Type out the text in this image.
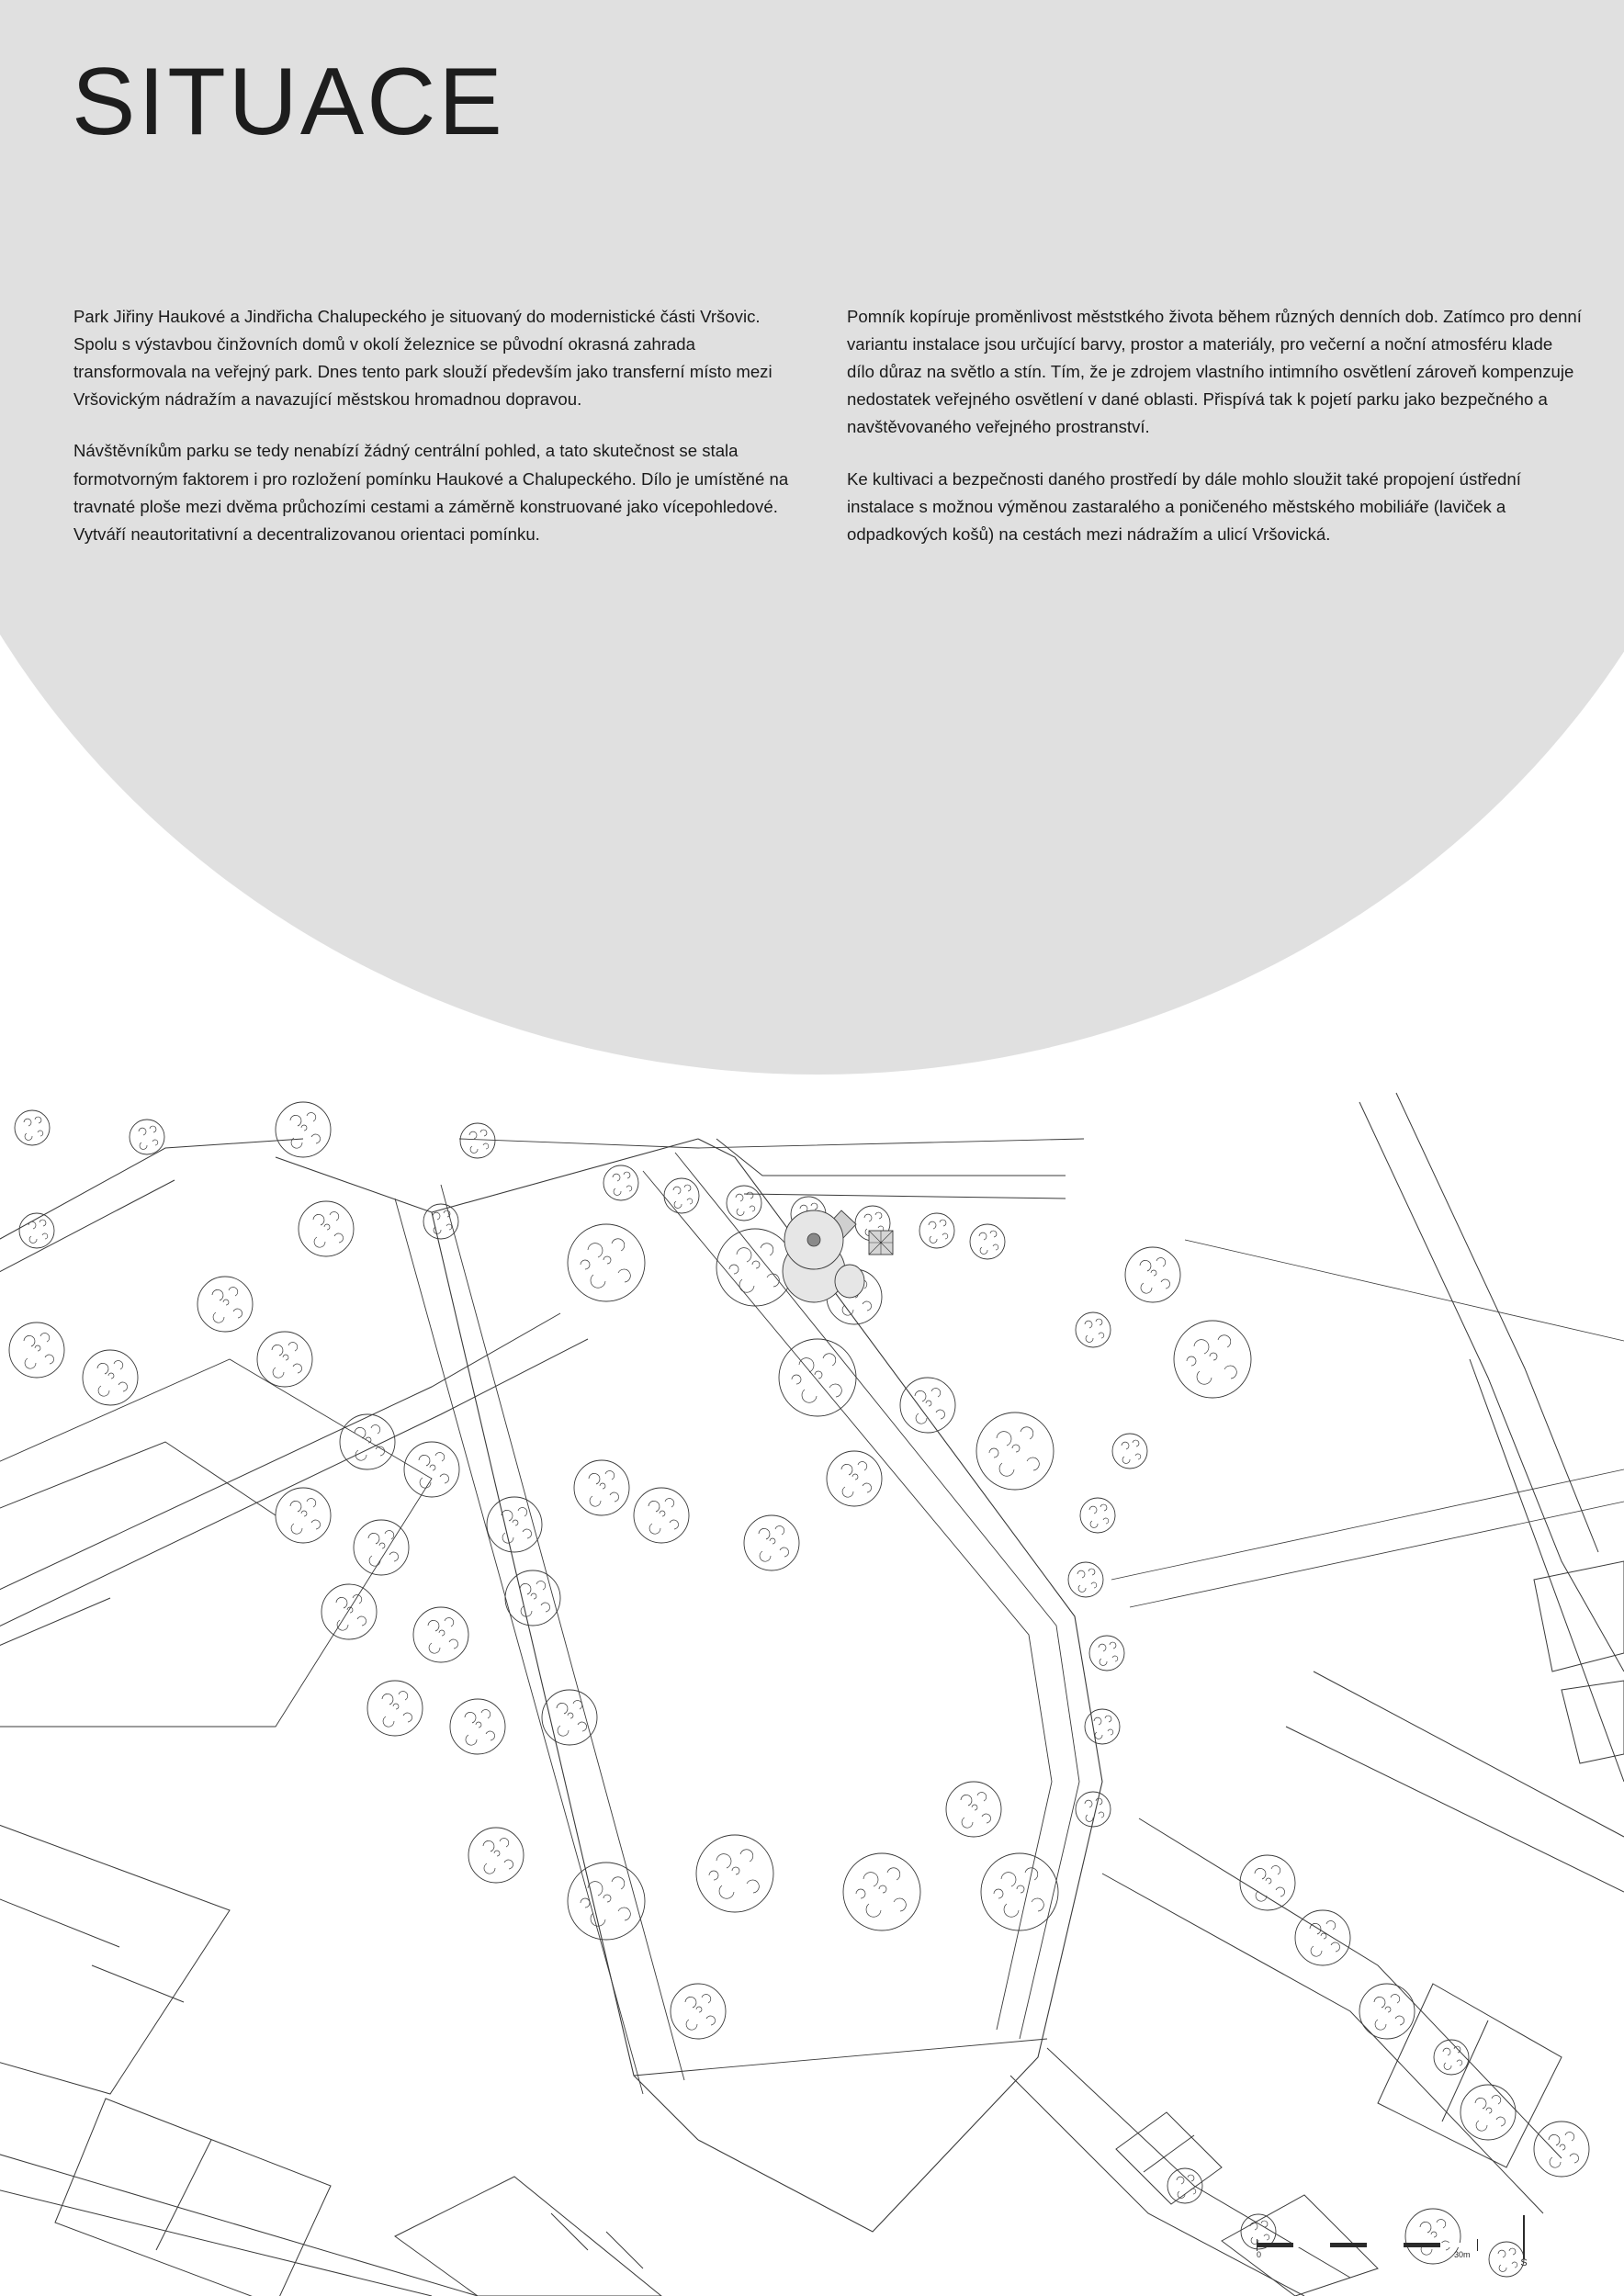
SITUACE

Park Jiřiny Haukové a Jindřicha Chalupeckého je situovaný do modernistické části Vršovic. Spolu s výstavbou činžovních domů v okolí železnice se původní okrasná zahrada transformovala na veřejný park. Dnes tento park slouží především jako transferní místo mezi Vršovickým nádražím a navazující městskou hromadnou dopravou.

Návštěvníkům parku se tedy nenabízí žádný centrální pohled, a tato skutečnost se stala formotvorným faktorem i pro rozložení pomínku Haukové a Chalupeckého. Dílo je umístěné na travnaté ploše mezi dvěma průchozími cestami a záměrně konstruované jako vícepohledové. Vytváří neautoritativní a decentralizovanou orientaci pomínku.

Pomník kopíruje proměnlivost měststkého života během různých denních dob. Zatímco pro denní variantu instalace jsou určující barvy, prostor a materiály, pro večerní a noční atmosféru klade dílo důraz na světlo a stín. Tím, že je zdrojem vlastního intimního osvětlení zároveň kompenzuje nedostatek veřejného osvětlení v dané oblasti. Přispívá tak k pojetí parku jako bezpečného a navštěvovaného veřejného prostranství.

Ke kultivaci a bezpečnosti daného prostředí by dále mohlo sloužit také propojení ústřední instalace s možnou výměnou zastaralého a poničeného městského mobiliáře (laviček a odpadkových košů) na cestách mezi nádražím a ulicí Vršovická.

0	30m
S
